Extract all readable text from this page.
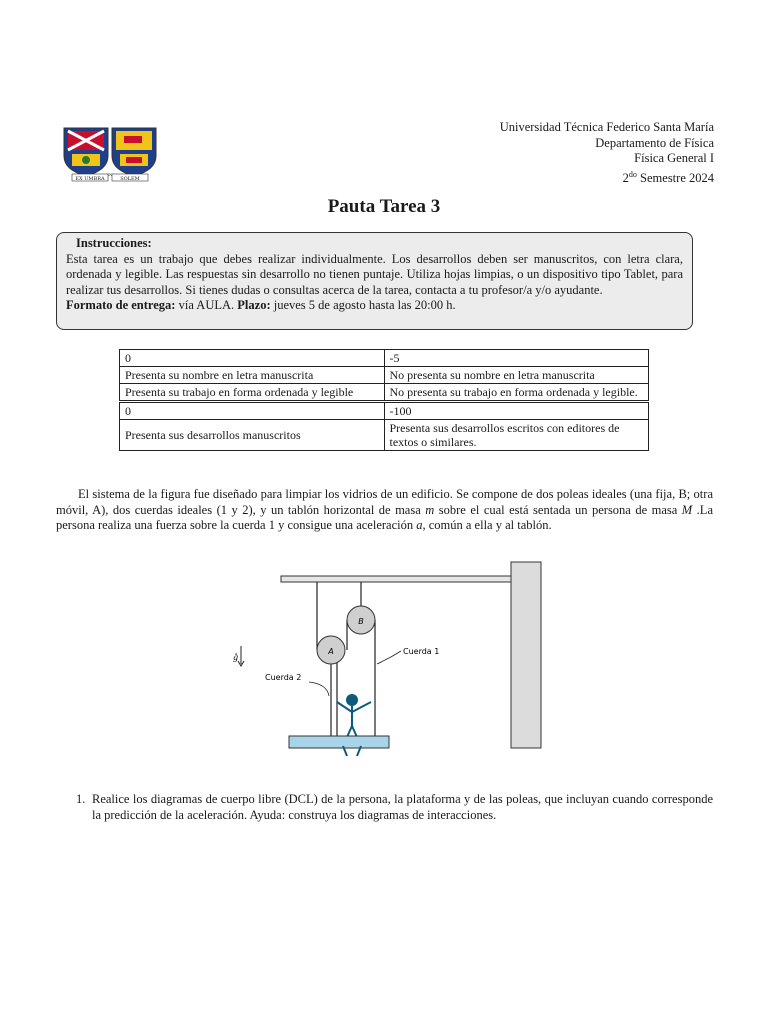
EX UMBRA
IN
SOLEM
Universidad Técnica Federico Santa María
Departamento de Física
Física General I
$2^{do}$ Semestre 2024
Pauta Tarea 3
Instrucciones:
Esta tarea es un trabajo que debes realizar individualmente. Los desarrollos deben ser manuscritos, con letra clara, ordenada y legible. Las respuestas sin desarrollo no tienen puntaje. Utiliza hojas limpias, o un dispositivo tipo Tablet, para realizar tus desarrollos. Si tienes dudas o consultas acerca de la tarea, contacta a tu profesor/a y/o ayudante.
Formato de entrega: vía AULA. Plazo: jueves 5 de agosto hasta las 20:00 h.
0	-5
Presenta su nombre en letra manuscrita	No presenta su nombre en letra manuscrita
Presenta su trabajo en forma ordenada y legible	No presenta su trabajo en forma ordenada y legible.
0	-100
Presenta sus desarrollos manuscritos	Presenta sus desarrollos escritos con editores de textos o similares.
El sistema de la figura fue diseñado para limpiar los vidrios de un edificio. Se compone de dos poleas ideales (una fija, B; otra móvil, A), dos cuerdas ideales (1 y 2), y un tablón horizontal de masa m sobre el cual está sentada un persona de masa M .La persona realiza una fuerza sobre la cuerda 1 y consigue una aceleración a, común a ella y al tablón.
B
A	Cuerda 1
Cuerda 2
ĝ
1. Realice los diagramas de cuerpo libre (DCL) de la persona, la plataforma y de las poleas, que incluyan cuando corresponde la predicción de la aceleración. Ayuda: construya los diagramas de interacciones.
